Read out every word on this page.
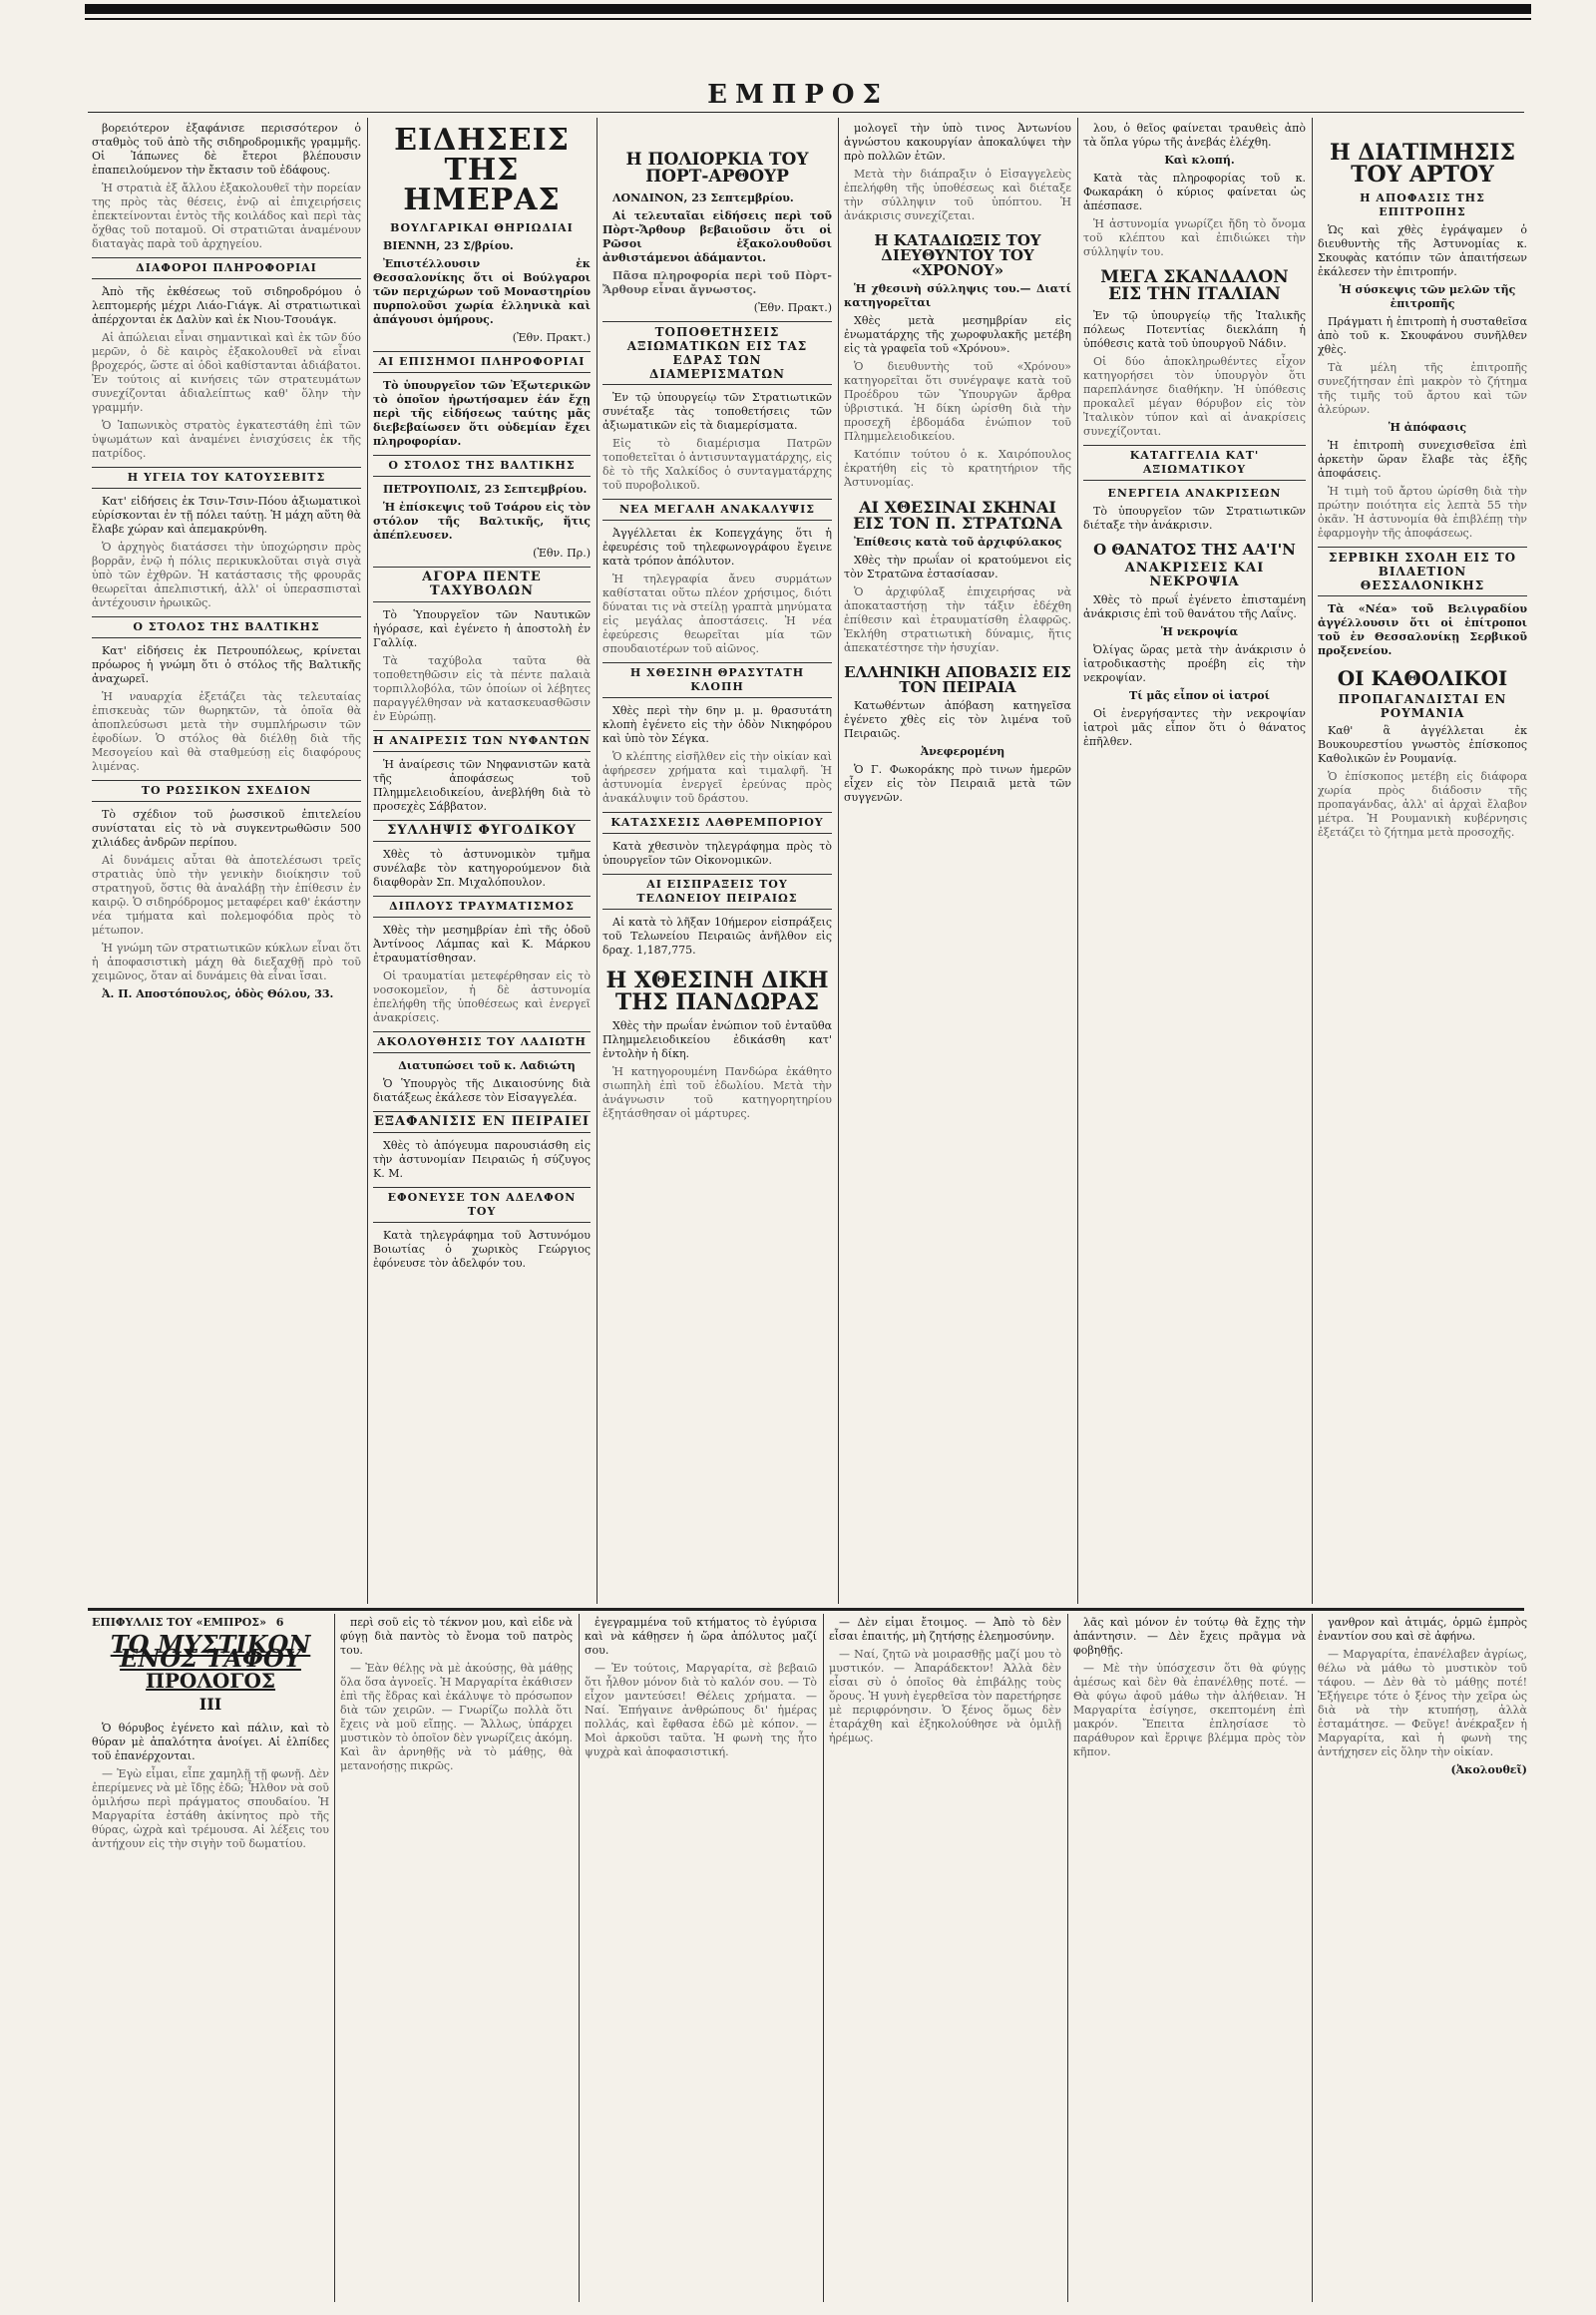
ΕΜΠΡΟΣ

βορειότερον ἐξαφάνισε περισσότερον ὁ σταθμὸς τοῦ ἀπὸ τῆς σιδηροδρομικῆς γραμμῆς. Οἱ Ἰάπωνες δὲ ἔτεροι βλέπουσιν ἐπαπειλούμενον τὴν ἔκτασιν τοῦ ἐδάφους.

Ἡ στρατιὰ ἐξ ἄλλου ἐξακολουθεῖ τὴν πορείαν της πρὸς τὰς θέσεις, ἐνῷ αἱ ἐπιχειρήσεις ἐπεκτείνονται ἐντὸς τῆς κοιλάδος καὶ περὶ τὰς ὄχθας τοῦ ποταμοῦ. Οἱ στρατιῶται ἀναμένουν διαταγὰς παρὰ τοῦ ἀρχηγείου.

ΔΙΑΦΟΡΟΙ ΠΛΗΡΟΦΟΡΙΑΙ

Ἀπὸ τῆς ἐκθέσεως τοῦ σιδηροδρόμου ὁ λεπτομερής μέχρι Λιάο-Γιάγκ. Αἱ στρατιωτικαὶ ἀπέρχονται ἐκ Δαλὺν καὶ ἐκ Νιου-Τσουάγκ.

Αἱ ἀπώλειαι εἶναι σημαντικαὶ καὶ ἐκ τῶν δύο μερῶν, ὁ δὲ καιρὸς ἐξακολουθεῖ νὰ εἶναι βροχερός, ὥστε αἱ ὁδοὶ καθίστανται ἀδιάβατοι. Ἐν τούτοις αἱ κινήσεις τῶν στρατευμάτων συνεχίζονται ἀδιαλείπτως καθ' ὅλην τὴν γραμμήν.

Ὁ Ἰαπωνικὸς στρατὸς ἐγκατεστάθη ἐπὶ τῶν ὑψωμάτων καὶ ἀναμένει ἐνισχύσεις ἐκ τῆς πατρίδος.

Η ΥΓΕΙΑ ΤΟΥ ΚΑΤΟΥΣΕΒΙΤΣ

Κατ' εἰδήσεις ἐκ Τσιν-Τσιν-Πόου ἀξιωματικοὶ εὑρίσκονται ἐν τῇ πόλει ταύτῃ. Ἡ μάχη αὕτη θὰ ἔλαβε χώραν καὶ ἀπεμακρύνθη.

Ὁ ἀρχηγὸς διατάσσει τὴν ὑποχώρησιν πρὸς βορρᾶν, ἐνῷ ἡ πόλις περικυκλοῦται σιγὰ σιγὰ ὑπὸ τῶν ἐχθρῶν. Ἡ κατάστασις τῆς φρουρᾶς θεωρεῖται ἀπελπιστική, ἀλλ' οἱ ὑπερασπισταὶ ἀντέχουσιν ἡρωικῶς.

Ο ΣΤΟΛΟΣ ΤΗΣ ΒΑΛΤΙΚΗΣ

Κατ' εἰδήσεις ἐκ Πετρουπόλεως, κρίνεται πρόωρος ἡ γνώμη ὅτι ὁ στόλος τῆς Βαλτικῆς ἀναχωρεῖ.

Ἡ ναυαρχία ἐξετάζει τὰς τελευταίας ἐπισκευὰς τῶν θωρηκτῶν, τὰ ὁποῖα θὰ ἀποπλεύσωσι μετὰ τὴν συμπλήρωσιν τῶν ἐφοδίων. Ὁ στόλος θὰ διέλθῃ διὰ τῆς Μεσογείου καὶ θὰ σταθμεύσῃ εἰς διαφόρους λιμένας.

ΤΟ ΡΩΣΣΙΚΟΝ ΣΧΕΔΙΟΝ

Τὸ σχέδιον τοῦ ῥωσσικοῦ ἐπιτελείου συνίσταται εἰς τὸ νὰ συγκεντρωθῶσιν 500 χιλιάδες ἀνδρῶν περίπου.

Αἱ δυνάμεις αὗται θὰ ἀποτελέσωσι τρεῖς στρατιὰς ὑπὸ τὴν γενικὴν διοίκησιν τοῦ στρατηγοῦ, ὅστις θὰ ἀναλάβῃ τὴν ἐπίθεσιν ἐν καιρῷ. Ὁ σιδηρόδρομος μεταφέρει καθ' ἑκάστην νέα τμήματα καὶ πολεμοφόδια πρὸς τὸ μέτωπον.

Ἡ γνώμη τῶν στρατιωτικῶν κύκλων εἶναι ὅτι ἡ ἀποφασιστικὴ μάχη θὰ διεξαχθῇ πρὸ τοῦ χειμῶνος, ὅταν αἱ δυνάμεις θὰ εἶναι ἴσαι.

Ἀ. Π. Αποστόπουλος, ὁδὸς Θόλου, 33.

ΕΙΔΗΣΕΙΣ ΤΗΣ ΗΜΕΡΑΣ
ΒΟΥΛΓΑΡΙΚΑΙ ΘΗΡΙΩΔΙΑΙ

ΒΙΕΝΝΗ, 23 Σ/βρίου.

Ἐπιστέλλουσιν ἐκ Θεσσαλονίκης ὅτι οἱ Βούλγαροι τῶν περιχώρων τοῦ Μοναστηρίου πυρπολοῦσι χωρία ἑλληνικὰ καὶ ἀπάγουσι ὁμήρους.

(Ἐθν. Πρακτ.)

ΑΙ ΕΠΙΣΗΜΟΙ ΠΛΗΡΟΦΟΡΙΑΙ

Τὸ ὑπουργεῖον τῶν Ἐξωτερικῶν τὸ ὁποῖον ἠρωτήσαμεν ἐάν ἔχῃ περὶ τῆς εἰδήσεως ταύτης μᾶς διεβεβαίωσεν ὅτι οὐδεμίαν ἔχει πληροφορίαν.

Ο ΣΤΟΛΟΣ ΤΗΣ ΒΑΛΤΙΚΗΣ

ΠΕΤΡΟΥΠΟΛΙΣ, 23 Σεπτεμβρίου.

Ἡ ἐπίσκεψις τοῦ Τσάρου εἰς τὸν στόλον τῆς Βαλτικῆς, ἥτις ἀπέπλευσεν.

(Ἐθν. Πρ.)

ΑΓΟΡΑ ΠΕΝΤΕ ΤΑΧΥΒΟΛΩΝ

Τὸ Ὑπουργεῖον τῶν Ναυτικῶν ἠγόρασε, καὶ ἐγένετο ἡ ἀποστολὴ ἐν Γαλλίᾳ.

Τὰ ταχύβολα ταῦτα θὰ τοποθετηθῶσιν εἰς τὰ πέντε παλαιὰ τορπιλλοβόλα, τῶν ὁποίων οἱ λέβητες παραγγέλθησαν νὰ κατασκευασθῶσιν ἐν Εὐρώπῃ.

Η ΑΝΑΙΡΕΣΙΣ ΤΩΝ ΝΥΦΑΝΤΩΝ

Ἡ ἀναίρεσις τῶν Νηφανιστῶν κατὰ τῆς ἀποφάσεως τοῦ Πλημμελειοδικείου, ἀνεβλήθη διὰ τὸ προσεχὲς Σάββατον.

ΣΥΛΛΗΨΙΣ ΦΥΓΟΔΙΚΟΥ

Χθὲς τὸ ἀστυνομικὸν τμῆμα συνέλαβε τὸν κατηγορούμενον διὰ διαφθορὰν Σπ. Μιχαλόπουλον.

ΔΙΠΛΟΥΣ ΤΡΑΥΜΑΤΙΣΜΟΣ

Χθὲς τὴν μεσημβρίαν ἐπὶ τῆς ὁδοῦ Ἀντίνοος Λάμπας καὶ Κ. Μάρκου ἐτραυματίσθησαν.

Οἱ τραυματίαι μετεφέρθησαν εἰς τὸ νοσοκομεῖον, ἡ δὲ ἀστυνομία ἐπελήφθη τῆς ὑποθέσεως καὶ ἐνεργεῖ ἀνακρίσεις.

ΑΚΟΛΟΥΘΗΣΙΣ ΤΟΥ ΛΑΔΙΩΤΗ

Διατυπώσει τοῦ κ. Λαδιώτη

Ὁ Ὑπουργὸς τῆς Δικαιοσύνης διὰ διατάξεως ἐκάλεσε τὸν Εἰσαγγελέα.

ΕΞΑΦΑΝΙΣΙΣ ΕΝ ΠΕΙΡΑΙΕΙ

Χθὲς τὸ ἀπόγευμα παρουσιάσθη εἰς τὴν ἀστυνομίαν Πειραιῶς ἡ σύζυγος Κ. Μ.

ΕΦΟΝΕΥΣΕ ΤΟΝ ΑΔΕΛΦΟΝ ΤΟΥ

Κατὰ τηλεγράφημα τοῦ Ἀστυνόμου Βοιωτίας ὁ χωρικὸς Γεώργιος ἐφόνευσε τὸν ἀδελφόν του.

Η ΠΟΛΙΟΡΚΙΑ ΤΟΥ ΠΟΡΤ-ΑΡΘΟΥΡ

ΛΟΝΔΙΝΟΝ, 23 Σεπτεμβρίου.

Αἱ τελευταῖαι εἰδήσεις περὶ τοῦ Πὸρτ-Ἄρθουρ βεβαιοῦσιν ὅτι οἱ Ρῶσοι ἐξακολουθοῦσι ἀνθιστάμενοι ἀδάμαντοι.

Πᾶσα πληροφορία περὶ τοῦ Πὸρτ-Ἄρθουρ εἶναι ἄγνωστος.

(Ἐθν. Πρακτ.)

ΤΟΠΟΘΕΤΗΣΕΙΣ ΑΞΙΩΜΑΤΙΚΩΝ ΕΙΣ ΤΑΣ ΕΔΡΑΣ ΤΩΝ ΔΙΑΜΕΡΙΣΜΑΤΩΝ

Ἐν τῷ ὑπουργείῳ τῶν Στρατιωτικῶν συνέταξε τὰς τοποθετήσεις τῶν ἀξιωματικῶν εἰς τὰ διαμερίσματα.

Εἰς τὸ διαμέρισμα Πατρῶν τοποθετεῖται ὁ ἀντισυνταγματάρχης, εἰς δὲ τὸ τῆς Χαλκίδος ὁ συνταγματάρχης τοῦ πυροβολικοῦ.

ΝΕΑ ΜΕΓΑΛΗ ΑΝΑΚΑΛΥΨΙΣ

Ἀγγέλλεται ἐκ Κοπεγχάγης ὅτι ἡ ἐφευρέσις τοῦ τηλεφωνογράφου ἔγεινε κατὰ τρόπον ἀπόλυτον.

Ἡ τηλεγραφία ἄνευ συρμάτων καθίσταται οὕτω πλέον χρήσιμος, διότι δύναται τις νὰ στείλῃ γραπτὰ μηνύματα εἰς μεγάλας ἀποστάσεις. Ἡ νέα ἐφεύρεσις θεωρεῖται μία τῶν σπουδαιοτέρων τοῦ αἰῶνος.

Η ΧΘΕΣΙΝΗ ΘΡΑΣΥΤΑΤΗ ΚΛΟΠΗ

Χθὲς περὶ τὴν 6ην μ. μ. θρασυτάτη κλοπὴ ἐγένετο εἰς τὴν ὁδὸν Νικηφόρου καὶ ὑπὸ τὸν Σέγκα.

Ὁ κλέπτης εἰσῆλθεν εἰς τὴν οἰκίαν καὶ ἀφήρεσεν χρήματα καὶ τιμαλφῆ. Ἡ ἀστυνομία ἐνεργεῖ ἐρεύνας πρὸς ἀνακάλυψιν τοῦ δράστου.

ΚΑΤΑΣΧΕΣΙΣ ΛΑΘΡΕΜΠΟΡΙΟΥ

Κατὰ χθεσινὸν τηλεγράφημα πρὸς τὸ ὑπουργεῖον τῶν Οἰκονομικῶν.

ΑΙ ΕΙΣΠΡΑΞΕΙΣ ΤΟΥ ΤΕΛΩΝΕΙΟΥ ΠΕΙΡΑΙΩΣ

Αἱ κατὰ τὸ λῆξαν 10ήμερον εἰσπράξεις τοῦ Τελωνείου Πειραιῶς ἀνῆλθον εἰς δραχ. 1,187,775.

Η ΧΘΕΣΙΝΗ ΔΙΚΗ ΤΗΣ ΠΑΝΔΩΡΑΣ

Χθὲς τὴν πρωΐαν ἐνώπιον τοῦ ἐνταῦθα Πλημμελειοδικείου ἐδικάσθη κατ' ἐντολὴν ἡ δίκη.

Ἡ κατηγορουμένη Πανδώρα ἐκάθητο σιωπηλὴ ἐπὶ τοῦ ἑδωλίου. Μετὰ τὴν ἀνάγνωσιν τοῦ κατηγορητηρίου ἐξητάσθησαν οἱ μάρτυρες.

μολογεῖ τὴν ὑπὸ τινος Ἀντωνίου ἀγνώστου κακουργίαν ἀποκαλύψει τὴν πρὸ πολλῶν ἐτῶν.

Μετὰ τὴν διάπραξιν ὁ Εἰσαγγελεὺς ἐπελήφθη τῆς ὑποθέσεως καὶ διέταξε τὴν σύλληψιν τοῦ ὑπόπτου. Ἡ ἀνάκρισις συνεχίζεται.

Η ΚΑΤΑΔΙΩΞΙΣ ΤΟΥ ΔΙΕΥΘΥΝΤΟΥ ΤΟΥ «ΧΡΟΝΟΥ»

Ἡ χθεσινὴ σύλληψις του.— Διατί κατηγορεῖται

Χθὲς μετὰ μεσημβρίαν εἰς ἐνωματάρχης τῆς χωροφυλακῆς μετέβη εἰς τὰ γραφεῖα τοῦ «Χρόνου».

Ὁ διευθυντὴς τοῦ «Χρόνου» κατηγορεῖται ὅτι συνέγραψε κατὰ τοῦ Προέδρου τῶν Ὑπουργῶν ἄρθρα ὑβριστικά. Ἡ δίκη ὡρίσθη διὰ τὴν προσεχῆ ἑβδομάδα ἐνώπιον τοῦ Πλημμελειοδικείου.

Κατόπιν τούτου ὁ κ. Χαιρόπουλος ἐκρατήθη εἰς τὸ κρατητήριον τῆς Ἀστυνομίας.

ΑΙ ΧΘΕΣΙΝΑΙ ΣΚΗΝΑΙ ΕΙΣ ΤΟΝ Π. ΣΤΡΑΤΩΝΑ

Ἐπίθεσις κατὰ τοῦ ἀρχιφύλακος

Χθὲς τὴν πρωΐαν οἱ κρατούμενοι εἰς τὸν Στρατῶνα ἐστασίασαν.

Ὁ ἀρχιφύλαξ ἐπιχειρήσας νὰ ἀποκαταστήσῃ τὴν τάξιν ἐδέχθη ἐπίθεσιν καὶ ἐτραυματίσθη ἐλαφρῶς. Ἐκλήθη στρατιωτικὴ δύναμις, ἥτις ἀπεκατέστησε τὴν ἡσυχίαν.

ΕΛΛΗΝΙΚΗ ΑΠΟΒΑΣΙΣ ΕΙΣ ΤΟΝ ΠΕΙΡΑΙΑ

Κατωθέντων ἀπόβαση κατηγεῖσα ἐγένετο χθὲς εἰς τὸν λιμένα τοῦ Πειραιῶς.

Ἀνεφερομένη

Ὁ Γ. Φωκοράκης πρὸ τινων ἡμερῶν εἶχεν εἰς τὸν Πειραιᾶ μετὰ τῶν συγγενῶν.

λου, ὁ θεῖος φαίνεται τραυθεὶς ἀπὸ τὰ ὅπλα γύρω τῆς ἀνεβάς ἐλέχθη.

Καὶ κλοπή.

Κατὰ τὰς πληροφορίας τοῦ κ. Φωκαράκη ὁ κύριος φαίνεται ὡς ἀπέσπασε.

Ἡ ἀστυνομία γνωρίζει ἤδη τὸ ὄνομα τοῦ κλέπτου καὶ ἐπιδιώκει τὴν σύλληψίν του.

ΜΕΓΑ ΣΚΑΝΔΑΛΟΝ ΕΙΣ ΤΗΝ ΙΤΑΛΙΑΝ

Ἐν τῷ ὑπουργείῳ τῆς Ἰταλικῆς πόλεως Ποτεντίας διεκλάπη ἡ ὑπόθεσις κατὰ τοῦ ὑπουργοῦ Νάδιν.

Οἱ δύο ἀποκληρωθέντες εἶχον κατηγορήσει τὸν ὑπουργὸν ὅτι παρεπλάνησε διαθήκην. Ἡ ὑπόθεσις προκαλεῖ μέγαν θόρυβον εἰς τὸν Ἰταλικὸν τύπον καὶ αἱ ἀνακρίσεις συνεχίζονται.

ΚΑΤΑΓΓΕΛΙΑ ΚΑΤ' ΑΞΙΩΜΑΤΙΚΟΥ
ΕΝΕΡΓΕΙΑ ΑΝΑΚΡΙΣΕΩΝ

Τὸ ὑπουργεῖον τῶν Στρατιωτικῶν διέταξε τὴν ἀνάκρισιν.

Ο ΘΑΝΑΤΟΣ ΤΗΣ ΑΑ'Ι'Ν
ΑΝΑΚΡΙΣΕΙΣ ΚΑΙ ΝΕΚΡΟΨΙΑ

Χθὲς τὸ πρωΐ ἐγένετο ἐπισταμένη ἀνάκρισις ἐπὶ τοῦ θανάτου τῆς Λαΐνς.

Ἡ νεκροψία

Ὀλίγας ὥρας μετὰ τὴν ἀνάκρισιν ὁ ἰατροδικαστὴς προέβη εἰς τὴν νεκροψίαν.

Τί μᾶς εἶπον οἱ ἰατροί

Οἱ ἐνεργήσαντες τὴν νεκροψίαν ἰατροὶ μᾶς εἶπον ὅτι ὁ θάνατος ἐπῆλθεν.

Η ΔΙΑΤΙΜΗΣΙΣ ΤΟΥ ΑΡΤΟΥ
Η ΑΠΟΦΑΣΙΣ ΤΗΣ ΕΠΙΤΡΟΠΗΣ

Ὡς καὶ χθὲς ἐγράψαμεν ὁ διευθυντὴς τῆς Ἀστυνομίας κ. Σκουφὰς κατόπιν τῶν ἀπαιτήσεων ἐκάλεσεν τὴν ἐπιτροπήν.

Ἡ σύσκεψις τῶν μελῶν τῆς ἐπιτροπῆς

Πράγματι ἡ ἐπιτροπὴ ἡ συσταθεῖσα ἀπὸ τοῦ κ. Σκουφάνου συνῆλθεν χθὲς.

Τὰ μέλη τῆς ἐπιτροπῆς συνεζήτησαν ἐπὶ μακρὸν τὸ ζήτημα τῆς τιμῆς τοῦ ἄρτου καὶ τῶν ἀλεύρων.

Ἡ ἀπόφασις

Ἡ ἐπιτροπὴ συνεχισθεῖσα ἐπὶ ἀρκετὴν ὥραν ἔλαβε τὰς ἑξῆς ἀποφάσεις.

Ἡ τιμὴ τοῦ ἄρτου ὡρίσθη διὰ τὴν πρώτην ποιότητα εἰς λεπτὰ 55 τὴν ὀκᾶν. Ἡ ἀστυνομία θὰ ἐπιβλέπῃ τὴν ἐφαρμογὴν τῆς ἀποφάσεως.

ΣΕΡΒΙΚΗ ΣΧΟΛΗ ΕΙΣ ΤΟ ΒΙΛΑΕΤΙΟΝ ΘΕΣΣΑΛΟΝΙΚΗΣ

Τὰ «Νέα» τοῦ Βελιγραδίου ἀγγέλλουσιν ὅτι οἱ ἐπίτροποι τοῦ ἐν Θεσσαλονίκῃ Σερβικοῦ προξενείου.

ΟΙ ΚΑΘΟΛΙΚΟΙ
ΠΡΟΠΑΓΑΝΔΙΣΤΑΙ ΕΝ ΡΟΥΜΑΝΙΑ

Καθ' ἃ ἀγγέλλεται ἐκ Βουκουρεστίου γνωστὸς ἐπίσκοπος Καθολικῶν ἐν Ρουμανίᾳ.

Ὁ ἐπίσκοπος μετέβη εἰς διάφορα χωρία πρὸς διάδοσιν τῆς προπαγάνδας, ἀλλ' αἱ ἀρχαὶ ἔλαβον μέτρα. Ἡ Ρουμανικὴ κυβέρνησις ἐξετάζει τὸ ζήτημα μετὰ προσοχῆς.

ΕΠΙΦΥΛΛΙΣ ΤΟΥ «ΕΜΠΡΟΣ» 6
ΤΟ ΜΥΣΤΙΚΟΝ ΕΝΟΣ ΤΑΦΟΥ
ΠΡΟΛΟΓΟΣ
ΙΙΙ

Ὁ θόρυβος ἐγένετο καὶ πάλιν, καὶ τὸ θύραν μὲ ἀπαλότητα ἀνοίγει. Αἱ ἐλπίδες τοῦ ἐπανέρχονται.

— Ἐγὼ εἶμαι, εἶπε χαμηλῇ τῇ φωνῇ. Δὲν ἐπερίμενες νὰ μὲ ἴδῃς ἐδῶ; Ἦλθον νὰ σοῦ ὁμιλήσω περὶ πράγματος σπουδαίου. Ἡ Μαργαρίτα ἐστάθη ἀκίνητος πρὸ τῆς θύρας, ὠχρὰ καὶ τρέμουσα. Αἱ λέξεις του ἀντήχουν εἰς τὴν σιγὴν τοῦ δωματίου.

περὶ σοῦ εἰς τὸ τέκνον μου, καὶ εἶδε νὰ φύγῃ διὰ παντὸς τὸ ἔνομα τοῦ πατρὸς του.

— Ἐὰν θέλῃς νὰ μὲ ἀκούσῃς, θὰ μάθῃς ὅλα ὅσα ἀγνοεῖς. Ἡ Μαργαρίτα ἐκάθισεν ἐπὶ τῆς ἔδρας καὶ ἐκάλυψε τὸ πρόσωπον διὰ τῶν χειρῶν. — Γνωρίζω πολλὰ ὅτι ἔχεις νὰ μοῦ εἴπῃς. — Ἄλλως, ὑπάρχει μυστικὸν τὸ ὁποῖον δὲν γνωρίζεις ἀκόμη. Καὶ ἂν ἀρνηθῇς νὰ τὸ μάθῃς, θὰ μετανοήσῃς πικρῶς.

ἐγεγραμμένα τοῦ κτήματος τὸ ἐγύρισα καὶ νὰ κάθῃσεν ἡ ὥρα ἀπόλυτος μαζί σου.

— Ἐν τούτοις, Μαργαρίτα, σὲ βεβαιῶ ὅτι ἦλθον μόνον διὰ τὸ καλόν σου. — Τὸ εἶχον μαντεύσει! Θέλεις χρήματα. — Ναί. Ἐπήγαινε ἀνθρώπους δι' ἡμέρας πολλάς, καὶ ἔφθασα ἐδῶ μὲ κόπον. — Μοὶ ἀρκοῦσι ταῦτα. Ἡ φωνὴ της ἦτο ψυχρὰ καὶ ἀποφασιστική.

— Δὲν εἶμαι ἔτοιμος. — Ἀπὸ τὸ δὲν εἶσαι ἐπαιτής, μὴ ζητήσῃς ἐλεημοσύνην.

— Ναί, ζητῶ νὰ μοιρασθῇς μαζί μου τὸ μυστικόν. — Ἀπαράδεκτον! Ἀλλὰ δὲν εἶσαι σὺ ὁ ὁποῖος θὰ ἐπιβάλῃς τοὺς ὅρους. Ἡ γυνὴ ἐγερθεῖσα τὸν παρετήρησε μὲ περιφρόνησιν. Ὁ ξένος ὅμως δὲν ἐταράχθη καὶ ἐξηκολούθησε νὰ ὁμιλῇ ἠρέμως.

λᾶς καὶ μόνον ἐν τούτῳ θὰ ἔχῃς τὴν ἀπάντησιν. — Δὲν ἔχεις πρᾶγμα νὰ φοβηθῇς.

— Μὲ τὴν ὑπόσχεσιν ὅτι θὰ φύγῃς ἀμέσως καὶ δὲν θὰ ἐπανέλθῃς ποτέ. — Θὰ φύγω ἀφοῦ μάθω τὴν ἀλήθειαν. Ἡ Μαργαρίτα ἐσίγησε, σκεπτομένη ἐπὶ μακρόν. Ἔπειτα ἐπλησίασε τὸ παράθυρον καὶ ἔρριψε βλέμμα πρὸς τὸν κῆπον.

γανθρον καὶ ἀτιμάς, ὁρμῶ ἐμπρὸς ἐναντίον σου καὶ σὲ ἀφήνω.

— Μαργαρίτα, ἐπανέλαβεν ἀγρίως, θέλω νὰ μάθω τὸ μυστικὸν τοῦ τάφου. — Δὲν θὰ τὸ μάθῃς ποτέ! Ἐξήγειρε τότε ὁ ξένος τὴν χεῖρα ὡς διὰ νὰ τὴν κτυπήσῃ, ἀλλὰ ἐσταμάτησε. — Φεῦγε! ἀνέκραξεν ἡ Μαργαρίτα, καὶ ἡ φωνὴ της ἀντήχησεν εἰς ὅλην τὴν οἰκίαν.

(Ἀκολουθεῖ)
